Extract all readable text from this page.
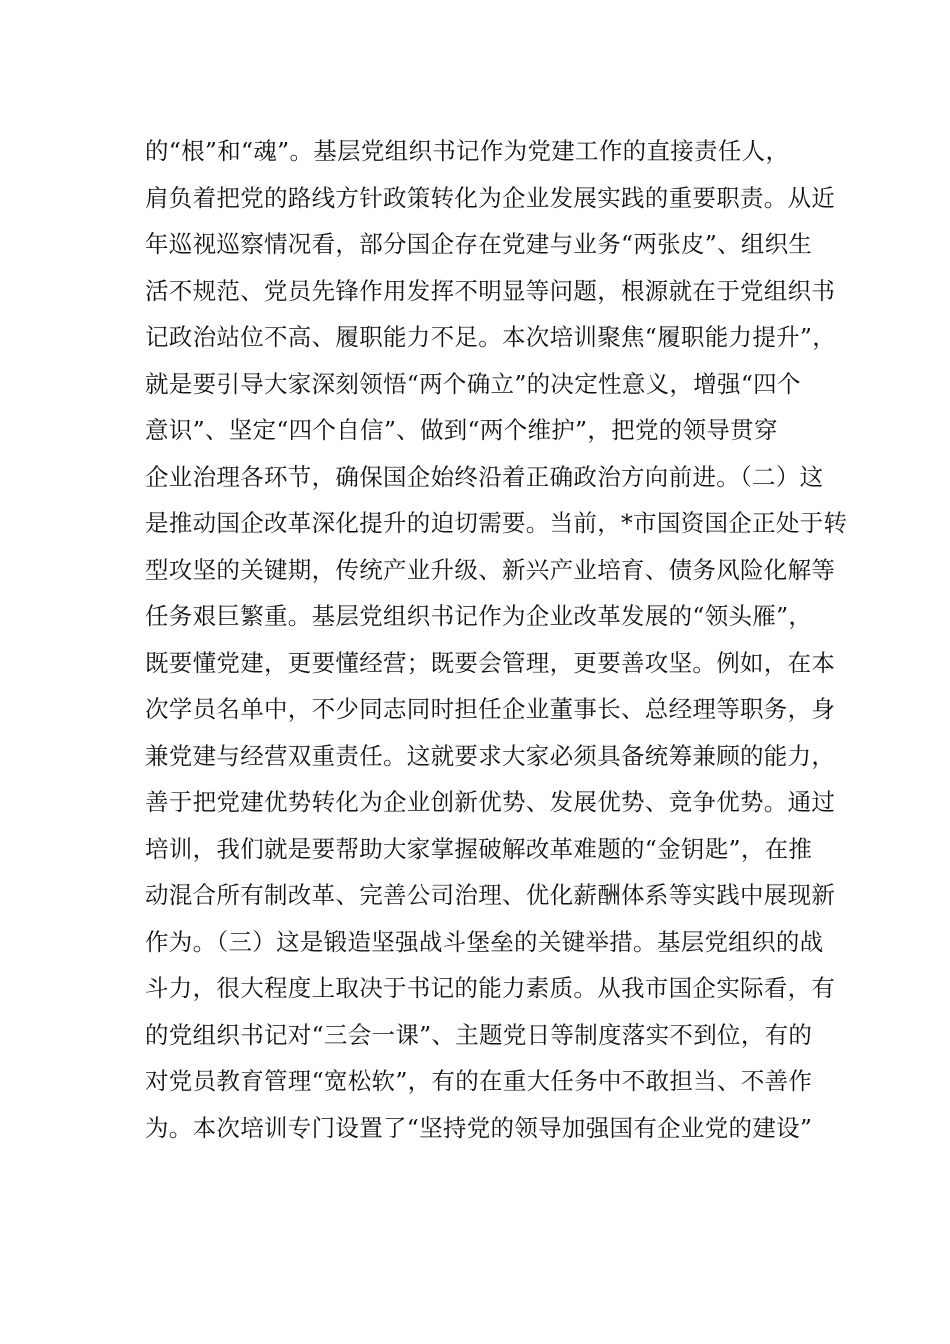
的“根”和“魂”。基层党组织书记作为党建工作的直接责任人，
肩负着把党的路线方针政策转化为企业发展实践的重要职责。从近
年巡视巡察情况看，部分国企存在党建与业务“两张皮”、组织生
活不规范、党员先锋作用发挥不明显等问题，根源就在于党组织书
记政治站位不高、履职能力不足。本次培训聚焦“履职能力提升”，
就是要引导大家深刻领悟“两个确立”的决定性意义，增强“四个
意识”、坚定“四个自信”、做到“两个维护”，把党的领导贯穿
企业治理各环节，确保国企始终沿着正确政治方向前进。（二）这
是推动国企改革深化提升的迫切需要。当前，*市国资国企正处于转
型攻坚的关键期，传统产业升级、新兴产业培育、债务风险化解等
任务艰巨繁重。基层党组织书记作为企业改革发展的“领头雁”，
既要懂党建，更要懂经营；既要会管理，更要善攻坚。例如，在本
次学员名单中，不少同志同时担任企业董事长、总经理等职务，身
兼党建与经营双重责任。这就要求大家必须具备统筹兼顾的能力，
善于把党建优势转化为企业创新优势、发展优势、竞争优势。通过
培训，我们就是要帮助大家掌握破解改革难题的“金钥匙”，在推
动混合所有制改革、完善公司治理、优化薪酬体系等实践中展现新
作为。（三）这是锻造坚强战斗堡垒的关键举措。基层党组织的战
斗力，很大程度上取决于书记的能力素质。从我市国企实际看，有
的党组织书记对“三会一课”、主题党日等制度落实不到位，有的
对党员教育管理“宽松软”，有的在重大任务中不敢担当、不善作
为。本次培训专门设置了“坚持党的领导加强国有企业党的建设”
